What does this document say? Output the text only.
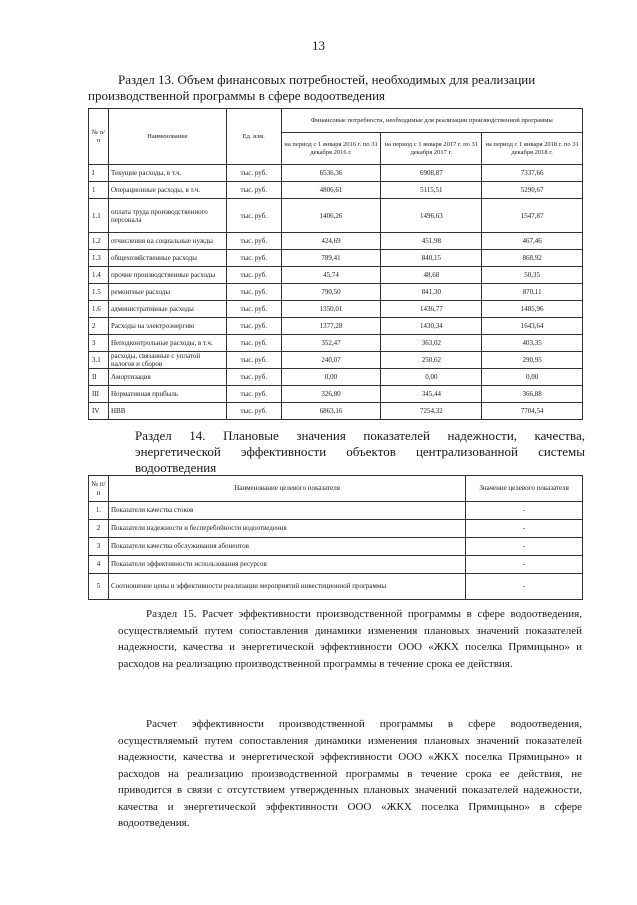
13
Раздел 13. Объем финансовых потребностей, необходимых для реализации
производственной программы в сфере водоотведения
№ п/п	Наименование	Ед. изм.	Финансовые потребности, необходимые для реализации производственной программы		
			на период с 1 января 2016 г. по 31 декабря 2016 г.	на период с 1 января 2017 г. по 31 декабря 2017 г.	на период с 1 января 2018 г. по 31 декабря 2018 г.
I	Текущие расходы, в т.ч.	тыс. руб.	6536,36	6908,87	7337,66
1	Операционные расходы, в т.ч.	тыс. руб.	4806,61	5115,51	5290,67
1.1	оплата труда производственного персонала	тыс. руб.	1406,26	1496,63	1547,87
1.2	отчисления на социальные нужды	тыс. руб.	424,69	451,98	467,46
1.3	общехозяйственные расходы	тыс. руб.	789,41	840,15	868,92
1.4	прочие производственные расходы	тыс. руб.	45,74	48,68	50,35
1.5	ремонтные расходы	тыс. руб.	790,50	841,30	870,11
1.6	административные расходы	тыс. руб.	1350,01	1436,77	1485,96
2	Расходы на электроэнергию	тыс. руб.	1377,28	1430,34	1643,64
3	Неподконтрольные расходы, в т.ч.	тыс. руб.	352,47	363,02	403,35
3.1	расходы, связанные с уплатой налогов и сборов	тыс. руб.	240,07	250,62	290,95
II	Амортизация	тыс. руб.	0,00	0,00	0,00
III	Нормативная прибыль	тыс. руб.	326,80	345,44	366,88
IV	НВВ	тыс. руб.	6863,16	7254,32	7704,54
Раздел 14. Плановые значения показателей надежности, качества,
энергетической эффективности объектов централизованной системы
водоотведения
№ п/п	Наименование целевого показателя	Значение целевого показателя
1.	Показатели качества стоков	-
2	Показатели надежности и бесперебойности водоотведения	-
3	Показатели качества обслуживания абонентов	-
4	Показатели эффективности использования ресурсов	-
5	Соотношение цены и эффективности реализации мероприятий инвестиционной программы	-
Раздел 15. Расчет эффективности производственной программы в сфере водоотведения, осуществляемый путем сопоставления динамики изменения плановых значений показателей надежности, качества и энергетической эффективности ООО «ЖКХ поселка Прямицыно» и расходов на реализацию производственной программы в течение срока ее действия.
Расчет эффективности производственной программы в сфере водоотведения, осуществляемый путем сопоставления динамики изменения плановых значений показателей надежности, качества и энергетической эффективности ООО «ЖКХ поселка Прямицыно» и расходов на реализацию производственной программы в течение срока ее действия, не приводится в связи с отсутствием утвержденных плановых значений показателей надежности, качества и энергетической эффективности ООО «ЖКХ поселка Прямицыно» в сфере водоотведения.
